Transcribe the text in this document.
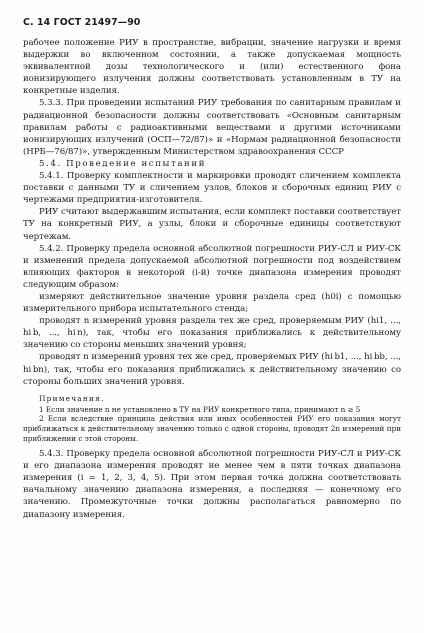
С. 14 ГОСТ 21497—90

рабочее положение РИУ в пространстве, вибрации, значение нагрузки и время выдержки во включенном состоянии, а также допускаемая мощность эквивалентной дозы технологического и (или) естественного фона ионизирующего излучения должны соответствовать установленным в ТУ на конкретные изделия.

5.3.3. При проведении испытаний РИУ требования по санитарным правилам и радиационной безопасности должны соответствовать «Основным санитарным правилам работы с радиоактивными веществами и другими источниками ионизирующих излучений (ОСП—72/87)» и «Нормам радиационной безопасности (НРБ—76/87)», утвержденным Министерством здравоохранения СССР

5.4. Проведение испытаний

5.4.1. Проверку комплектности и маркировки проводят сличением комплекта поставки с данными ТУ и сличением узлов, блоков и сборочных единиц РИУ с чертежами предприятия-изготовителя.

РИУ считают выдержавшим испытания, если комплект поставки соответствует ТУ на конкретный РИУ, а узлы, блоки и сборочные единицы соответствуют чертежам.

5.4.2. Проверку предела основной абсолютной погрешности РИУ-СЛ и РИУ-СК и изменений предела допускаемой абсолютной погрешности под воздействием влияющих факторов в некоторой (i-й) точке диапазона измерения проводят следующим образом:

измеряют действительное значение уровня раздела сред (h0i) с помощью измерительного прибора испытательного стенда;

проводят n измерений уровня раздела тех же сред, проверяемым РИУ (hi1, ..., hi b, ..., hi n), так, чтобы его показания приближались к действительному значению со стороны меньших значений уровня;

проводят n измерений уровня тех же сред, проверяемых РИУ (hi b1, ..., hi bb, ..., hi bn), так, чтобы его показания приближались к действительному значению со стороны больших значений уровня.

Примечания.

1 Если значение n не установлено в ТУ на РИУ конкретного типа, принимают n ≥ 5

2 Если вследствие принципа действия или иных особенностей РИУ его показания могут приближаться к действительному значению только с одной стороны, проводят 2n измерений при приближении с этой стороны.

5.4.3. Проверку предела основной абсолютной погрешности РИУ-СЛ и РИУ-СК и его диапазона измерения проводят не менее чем в пяти точках диапазона измерения (i = 1, 2, 3, 4, 5). При этом первая точка должна соответствовать начальному значению диапазона измерения, а последняя — конечному его значению. Промежуточные точки должны располагаться равномерно по диапазону измерения.
